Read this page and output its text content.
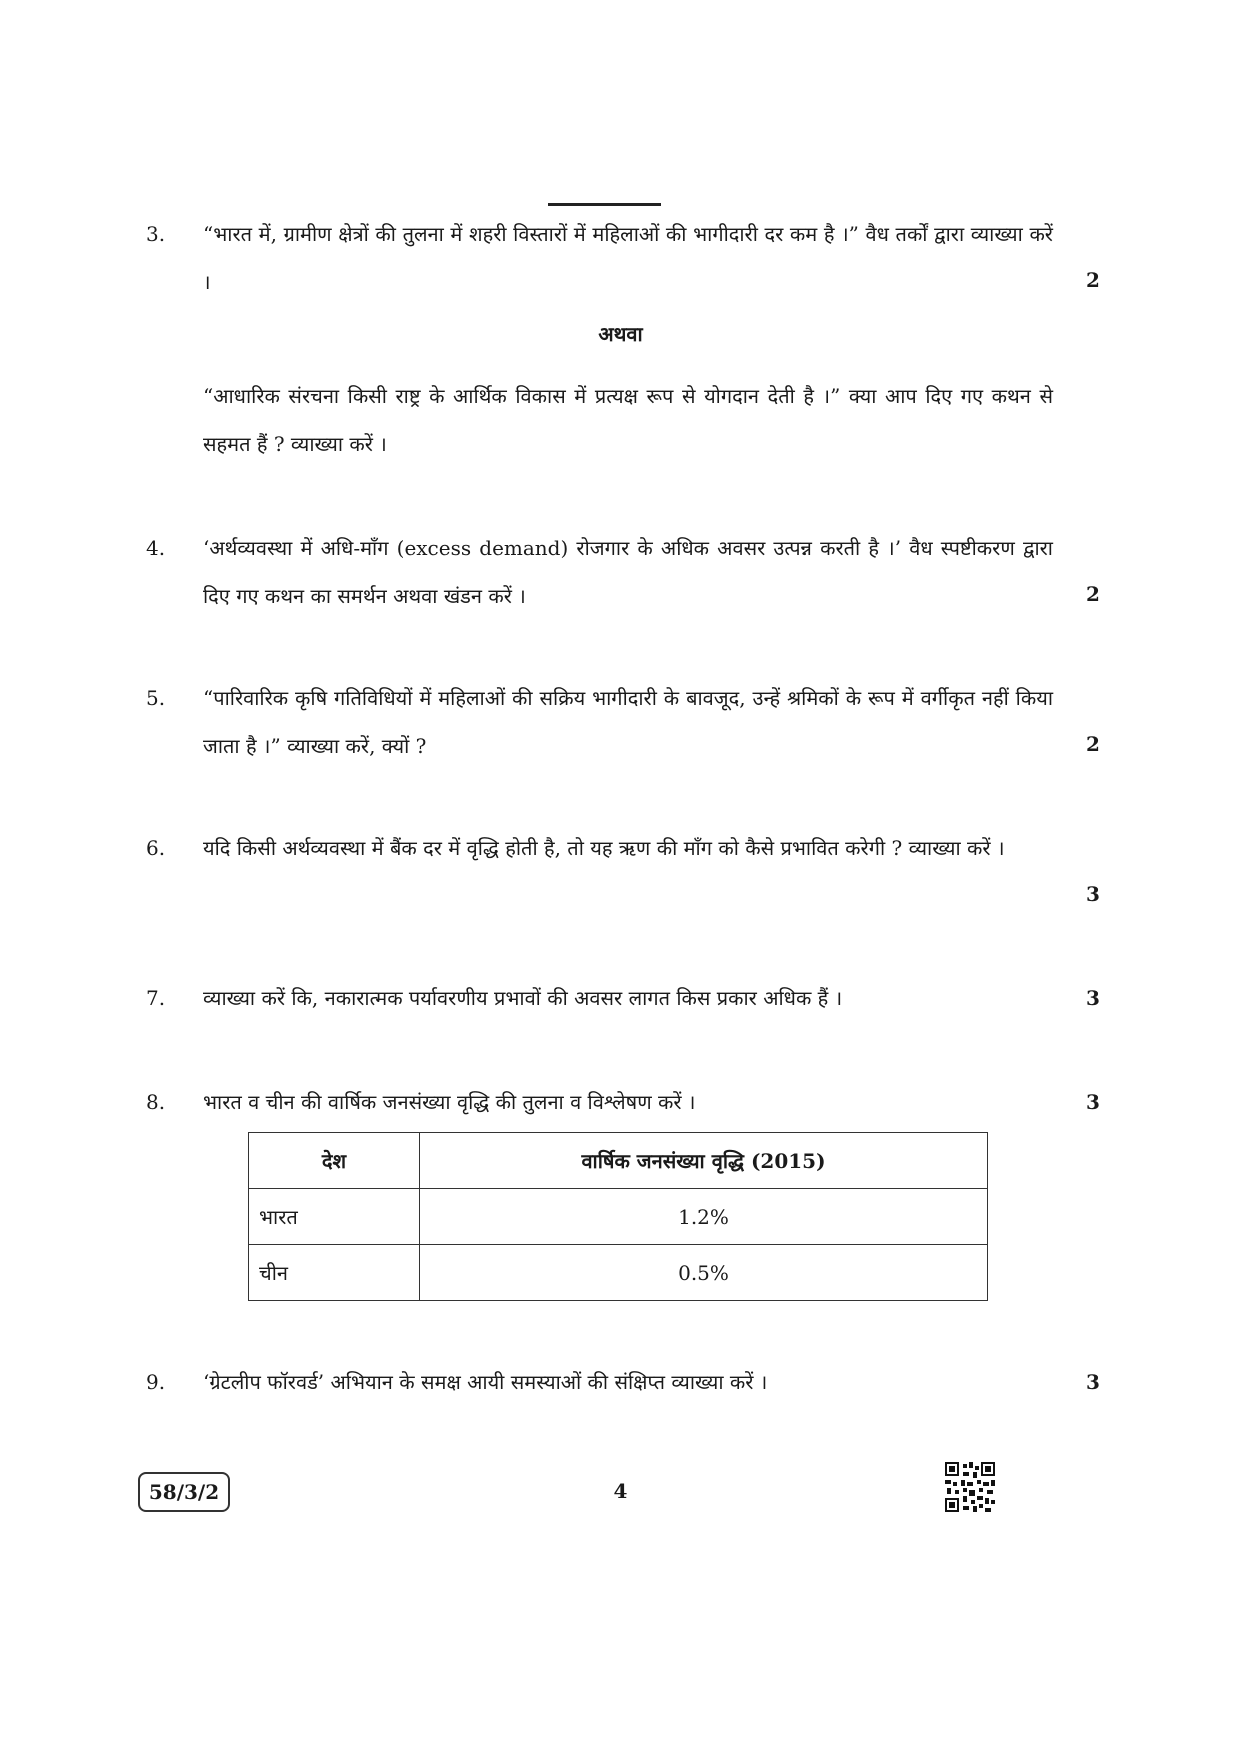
3. “भारत में, ग्रामीण क्षेत्रों की तुलना में शहरी विस्तारों में महिलाओं की भागीदारी दर कम है ।” वैध तर्कों द्वारा व्याख्या करें ।	2
अथवा
“आधारिक संरचना किसी राष्ट्र के आर्थिक विकास में प्रत्यक्ष रूप से योगदान देती है ।” क्या आप दिए गए कथन से सहमत हैं ? व्याख्या करें ।
4. ‘अर्थव्यवस्था में अधि-माँग (excess demand) रोजगार के अधिक अवसर उत्पन्न करती है ।’ वैध स्पष्टीकरण द्वारा दिए गए कथन का समर्थन अथवा खंडन करें ।	2
5. “पारिवारिक कृषि गतिविधियों में महिलाओं की सक्रिय भागीदारी के बावजूद, उन्हें श्रमिकों के रूप में वर्गीकृत नहीं किया जाता है ।” व्याख्या करें, क्यों ?	2
6. यदि किसी अर्थव्यवस्था में बैंक दर में वृद्धि होती है, तो यह ऋण की माँग को कैसे प्रभावित करेगी ? व्याख्या करें ।
3
7. व्याख्या करें कि, नकारात्मक पर्यावरणीय प्रभावों की अवसर लागत किस प्रकार अधिक हैं ।	3
8. भारत व चीन की वार्षिक जनसंख्या वृद्धि की तुलना व विश्लेषण करें ।	3
देश	वार्षिक जनसंख्या वृद्धि (2015)
भारत	1.2%
चीन	0.5%
9. ‘ग्रेटलीप फॉरवर्ड’ अभियान के समक्ष आयी समस्याओं की संक्षिप्त व्याख्या करें ।	3
58/3/2	4
